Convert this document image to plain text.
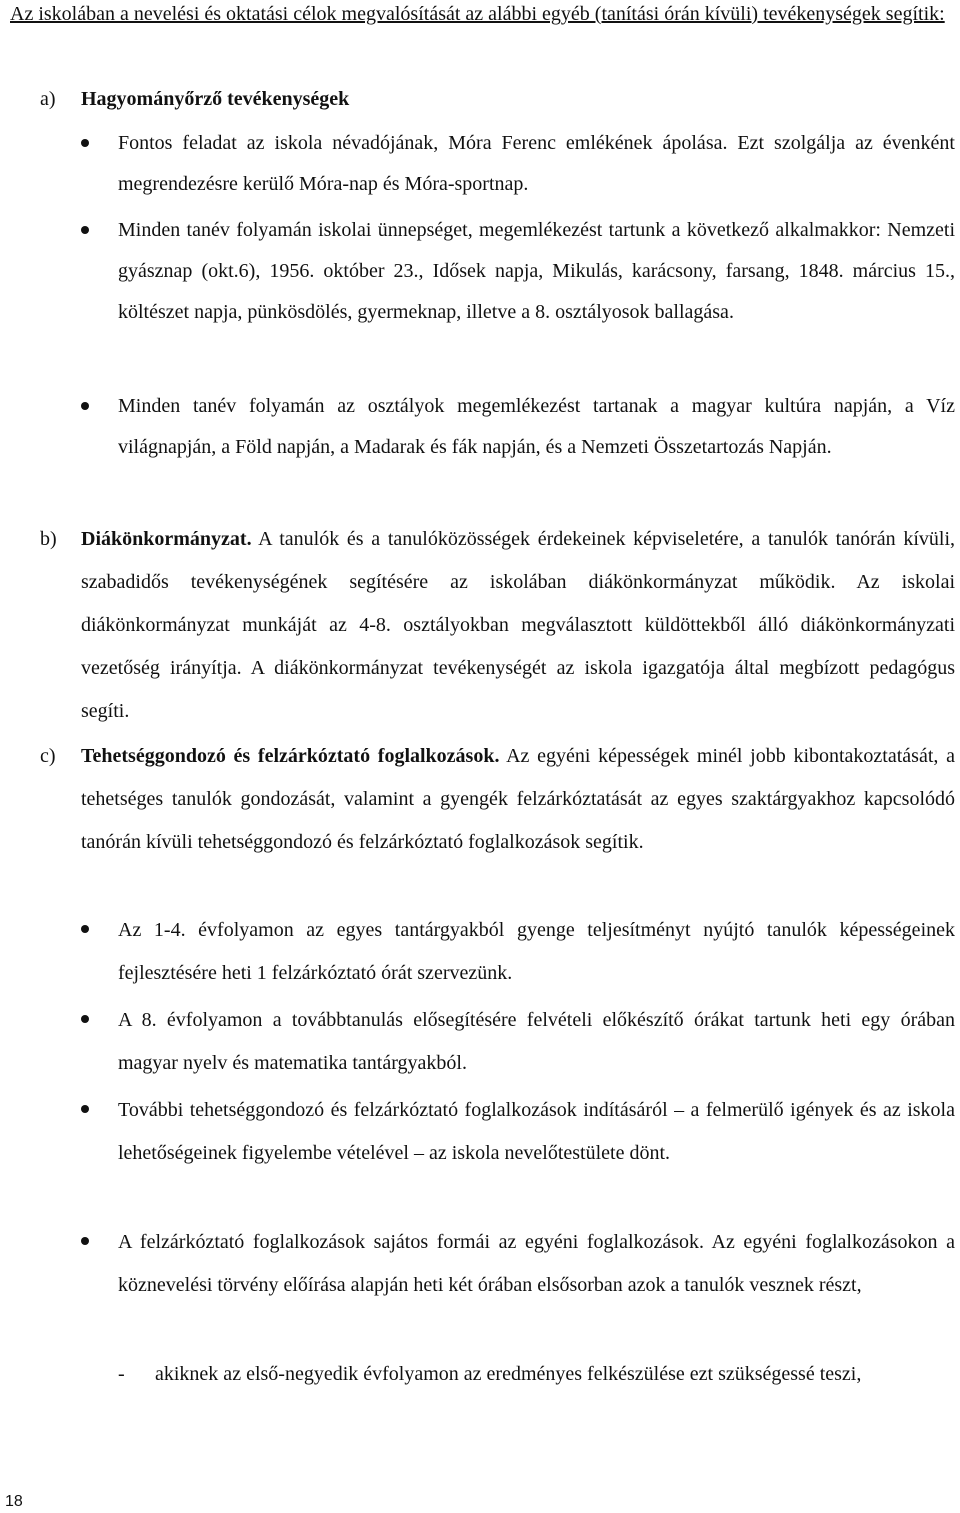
Az iskolában a nevelési és oktatási célok megvalósítását az alábbi egyéb (tanítási órán kívüli) tevékenységek segítik:
a) Hagyományőrző tevékenységek
Fontos feladat az iskola névadójának, Móra Ferenc emlékének ápolása. Ezt szolgálja az évenként megrendezésre kerülő Móra-nap és Móra-sportnap.
Minden tanév folyamán iskolai ünnepséget, megemlékezést tartunk a következő alkalmakkor: Nemzeti gyásznap (okt.6), 1956. október 23., Idősek napja, Mikulás, karácsony, farsang, 1848. március 15., költészet napja, pünkösdölés, gyermeknap, illetve a 8. osztályosok ballagása.
Minden tanév folyamán az osztályok megemlékezést tartanak a magyar kultúra napján, a Víz világnapján, a Föld napján, a Madarak és fák napján, és a Nemzeti Összetartozás Napján.
b)	Diákönkormányzat. A tanulók és a tanulóközösségek érdekeinek képviseletére, a tanulók tanórán kívüli, szabadidős tevékenységének segítésére az iskolában diákönkormányzat működik. Az iskolai diákönkormányzat munkáját az 4-8. osztályokban megválasztott küldöttekből álló diákönkormányzati vezetőség irányítja. A diákönkormányzat tevékenységét az iskola igazgatója által megbízott pedagógus segíti.
c)	Tehetséggondozó és felzárkóztató foglalkozások. Az egyéni képességek minél jobb kibontakoztatását, a tehetséges tanulók gondozását, valamint a gyengék felzárkóztatását az egyes szaktárgyakhoz kapcsolódó tanórán kívüli tehetséggondozó és felzárkóztató foglalkozások segítik.
Az 1-4. évfolyamon az egyes tantárgyakból gyenge teljesítményt nyújtó tanulók képességeinek fejlesztésére heti 1 felzárkóztató órát szervezünk.
A 8. évfolyamon a továbbtanulás elősegítésére felvételi előkészítő órákat tartunk heti egy órában magyar nyelv és matematika tantárgyakból.
További tehetséggondozó és felzárkóztató foglalkozások indításáról – a felmerülő igények és az iskola lehetőségeinek figyelembe vételével – az iskola nevelőtestülete dönt.
A felzárkóztató foglalkozások sajátos formái az egyéni foglalkozások. Az egyéni foglalkozásokon a köznevelési törvény előírása alapján heti két órában elsősorban azok a tanulók vesznek részt,
- akiknek az első-negyedik évfolyamon az eredményes felkészülése ezt szükségessé teszi,
18
